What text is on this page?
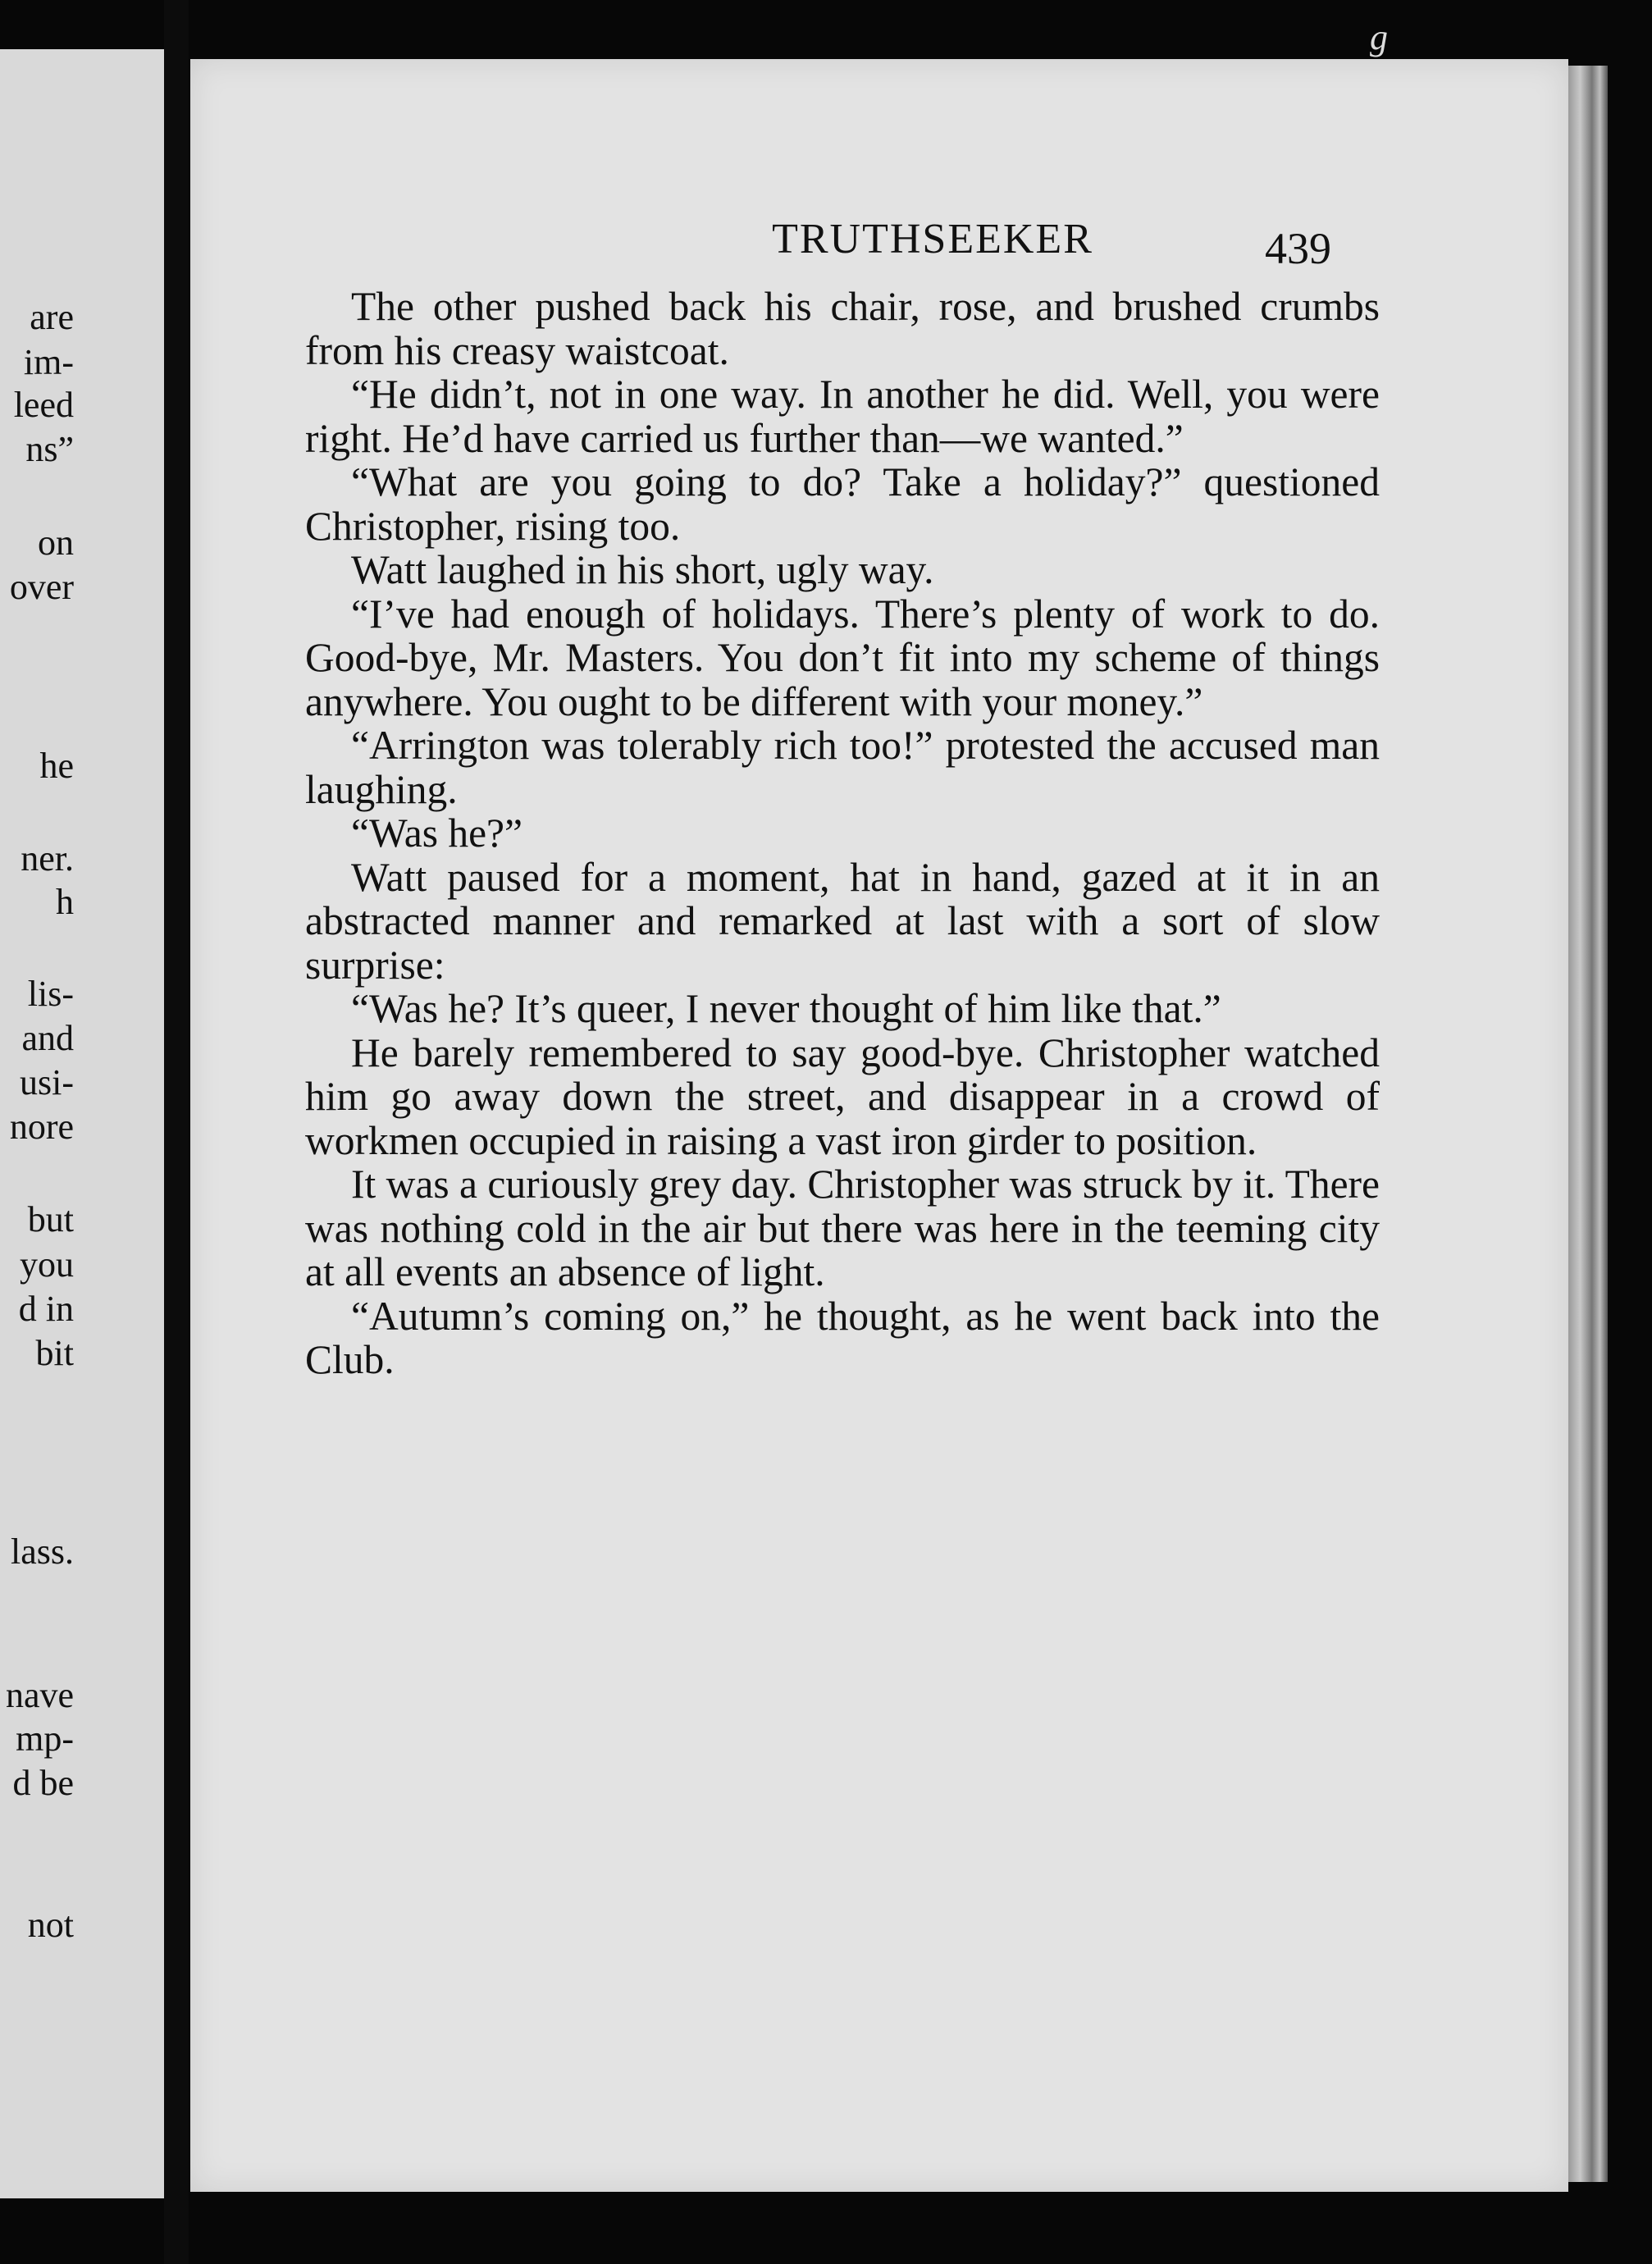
are
im-
leed
ns”
on
over
he
ner.
h
lis-
and
usi-
nore
but
you
d in
bit
lass.
nave
mp-
d be
not
g
TRUTHSEEKER	439

The other pushed back his chair, rose, and brushed crumbs from his creasy waistcoat.

“He didn’t, not in one way. In another he did. Well, you were right. He’d have carried us further than—we wanted.”

“What are you going to do? Take a holiday?” questioned Christopher, rising too.

Watt laughed in his short, ugly way.

“I’ve had enough of holidays. There’s plenty of work to do. Good-bye, Mr. Masters. You don’t fit into my scheme of things anywhere. You ought to be different with your money.”

“Arrington was tolerably rich too!” protested the accused man laughing.

“Was he?”

Watt paused for a moment, hat in hand, gazed at it in an abstracted manner and remarked at last with a sort of slow surprise:

“Was he? It’s queer, I never thought of him like that.”

He barely remembered to say good-bye. Christopher watched him go away down the street, and disappear in a crowd of workmen occupied in raising a vast iron girder to position.

It was a curiously grey day. Christopher was struck by it. There was nothing cold in the air but there was here in the teeming city at all events an absence of light.

“Autumn’s coming on,” he thought, as he went back into the Club.
